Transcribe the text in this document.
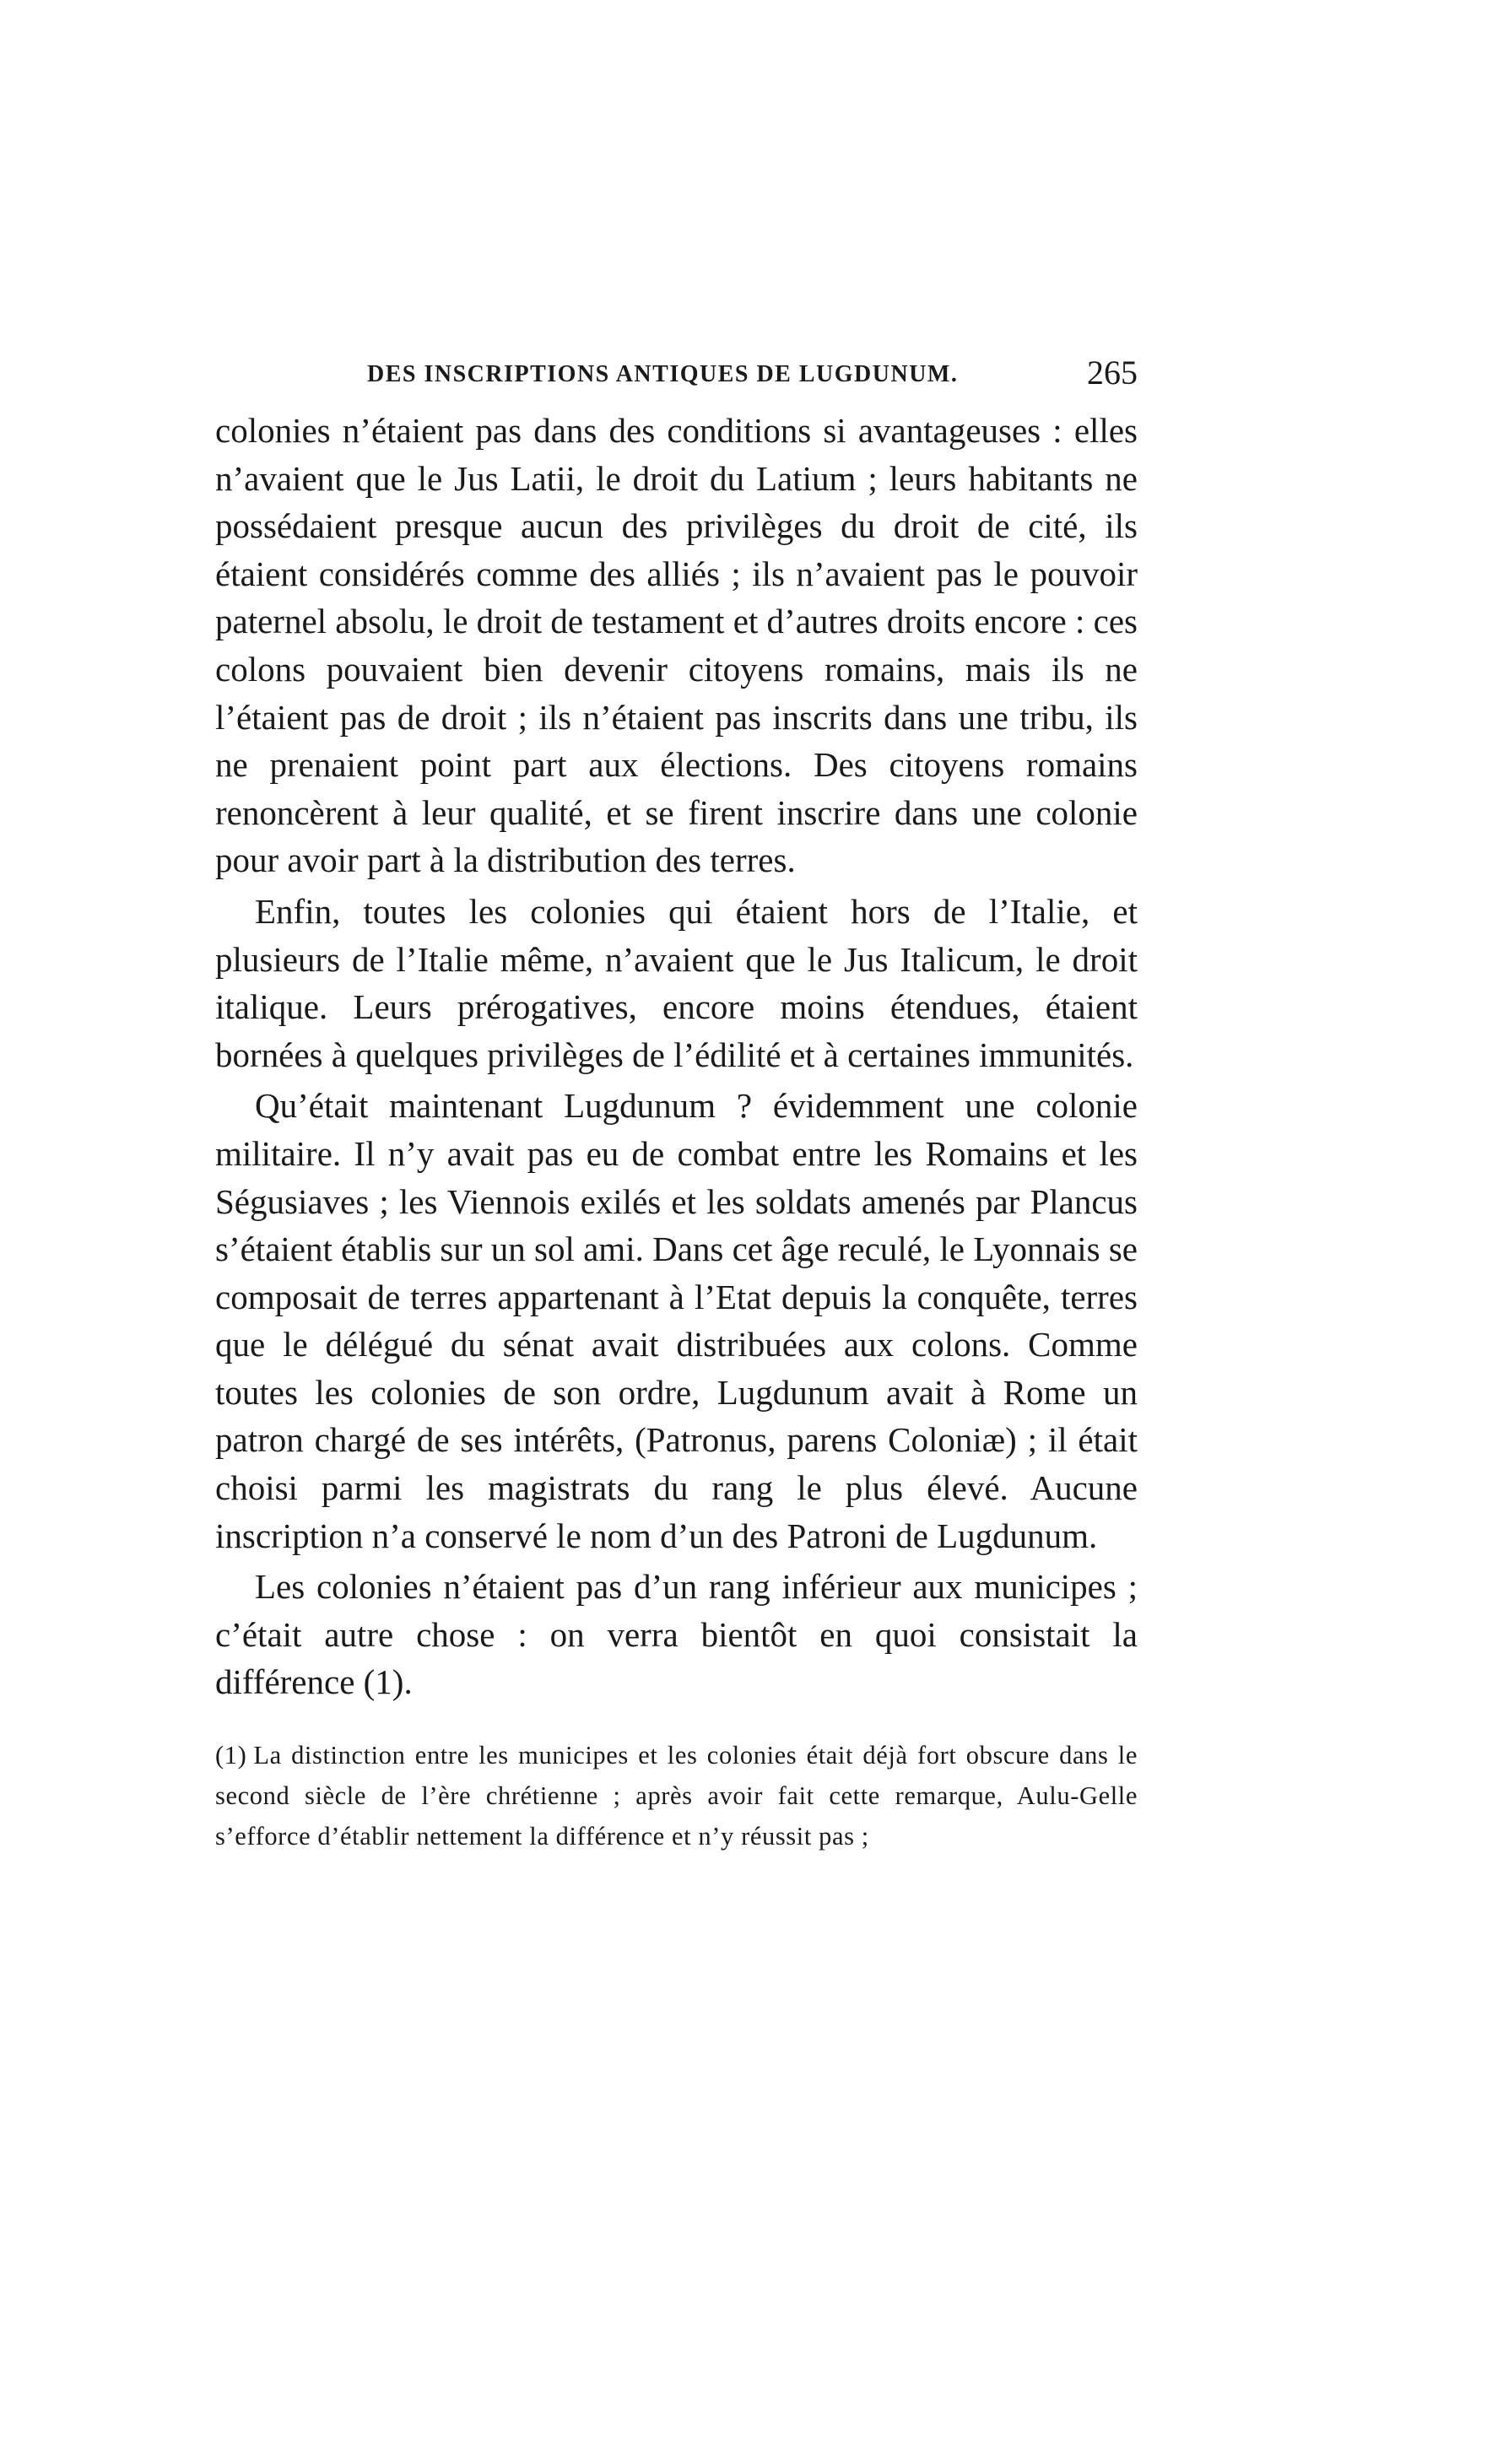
DES INSCRIPTIONS ANTIQUES DE LUGDUNUM.	265

colonies n’étaient pas dans des conditions si avantageuses : elles n’avaient que le Jus Latii, le droit du Latium ; leurs habitants ne possédaient presque aucun des privilèges du droit de cité, ils étaient considérés comme des alliés ; ils n’avaient pas le pouvoir paternel absolu, le droit de testament et d’autres droits encore : ces colons pouvaient bien devenir citoyens romains, mais ils ne l’étaient pas de droit ; ils n’étaient pas inscrits dans une tribu, ils ne prenaient point part aux élections. Des citoyens romains renoncèrent à leur qualité, et se firent inscrire dans une colonie pour avoir part à la distribution des terres.

Enfin, toutes les colonies qui étaient hors de l’Italie, et plusieurs de l’Italie même, n’avaient que le Jus Italicum, le droit italique. Leurs prérogatives, encore moins étendues, étaient bornées à quelques privilèges de l’édilité et à certaines immunités.

Qu’était maintenant Lugdunum ? évidemment une colonie militaire. Il n’y avait pas eu de combat entre les Romains et les Ségusiaves ; les Viennois exilés et les soldats amenés par Plancus s’étaient établis sur un sol ami. Dans cet âge reculé, le Lyonnais se composait de terres appartenant à l’Etat depuis la conquête, terres que le délégué du sénat avait distribuées aux colons. Comme toutes les colonies de son ordre, Lugdunum avait à Rome un patron chargé de ses intérêts, (Patronus, parens Coloniæ) ; il était choisi parmi les magistrats du rang le plus élevé. Aucune inscription n’a conservé le nom d’un des Patroni de Lugdunum.

Les colonies n’étaient pas d’un rang inférieur aux municipes ; c’était autre chose : on verra bientôt en quoi consistait la différence (1).

(1) La distinction entre les municipes et les colonies était déjà fort obscure dans le second siècle de l’ère chrétienne ; après avoir fait cette remarque, Aulu-Gelle s’efforce d’établir nettement la différence et n’y réussit pas ;
